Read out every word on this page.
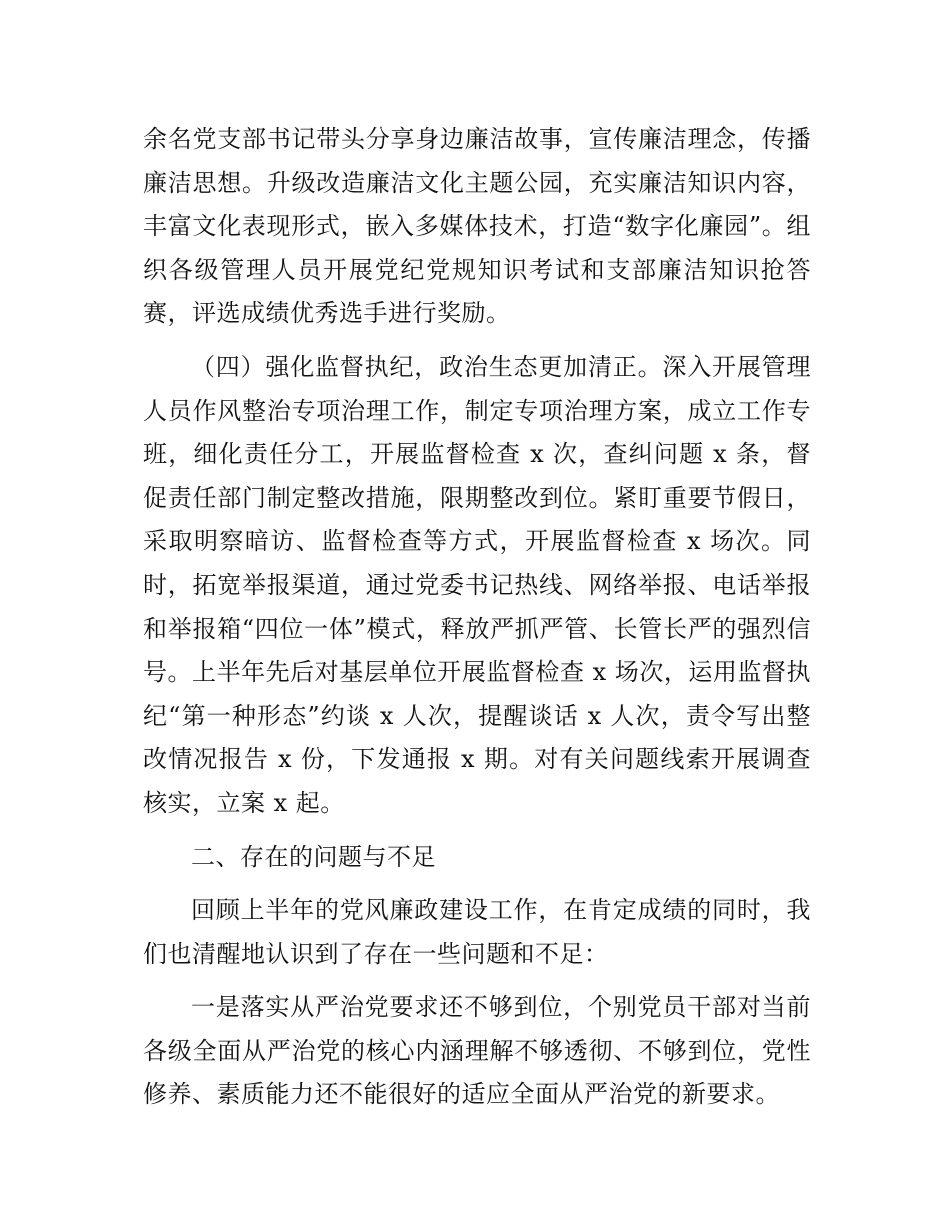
余名党支部书记带头分享身边廉洁故事，宣传廉洁理念，传播廉洁思想。升级改造廉洁文化主题公园，充实廉洁知识内容，丰富文化表现形式，嵌入多媒体技术，打造“数字化廉园”。组织各级管理人员开展党纪党规知识考试和支部廉洁知识抢答赛，评选成绩优秀选手进行奖励。

（四）强化监督执纪，政治生态更加清正。深入开展管理人员作风整治专项治理工作，制定专项治理方案，成立工作专班，细化责任分工，开展监督检查 x 次，查纠问题 x 条，督促责任部门制定整改措施，限期整改到位。紧盯重要节假日，采取明察暗访、监督检查等方式，开展监督检查 x 场次。同时，拓宽举报渠道，通过党委书记热线、网络举报、电话举报和举报箱“四位一体”模式，释放严抓严管、长管长严的强烈信号。上半年先后对基层单位开展监督检查 x 场次，运用监督执纪“第一种形态”约谈 x 人次，提醒谈话 x 人次，责令写出整改情况报告 x 份，下发通报 x 期。对有关问题线索开展调查核实，立案 x 起。

二、存在的问题与不足

回顾上半年的党风廉政建设工作，在肯定成绩的同时，我们也清醒地认识到了存在一些问题和不足：

一是落实从严治党要求还不够到位，个别党员干部对当前各级全面从严治党的核心内涵理解不够透彻、不够到位，党性修养、素质能力还不能很好的适应全面从严治党的新要求。
